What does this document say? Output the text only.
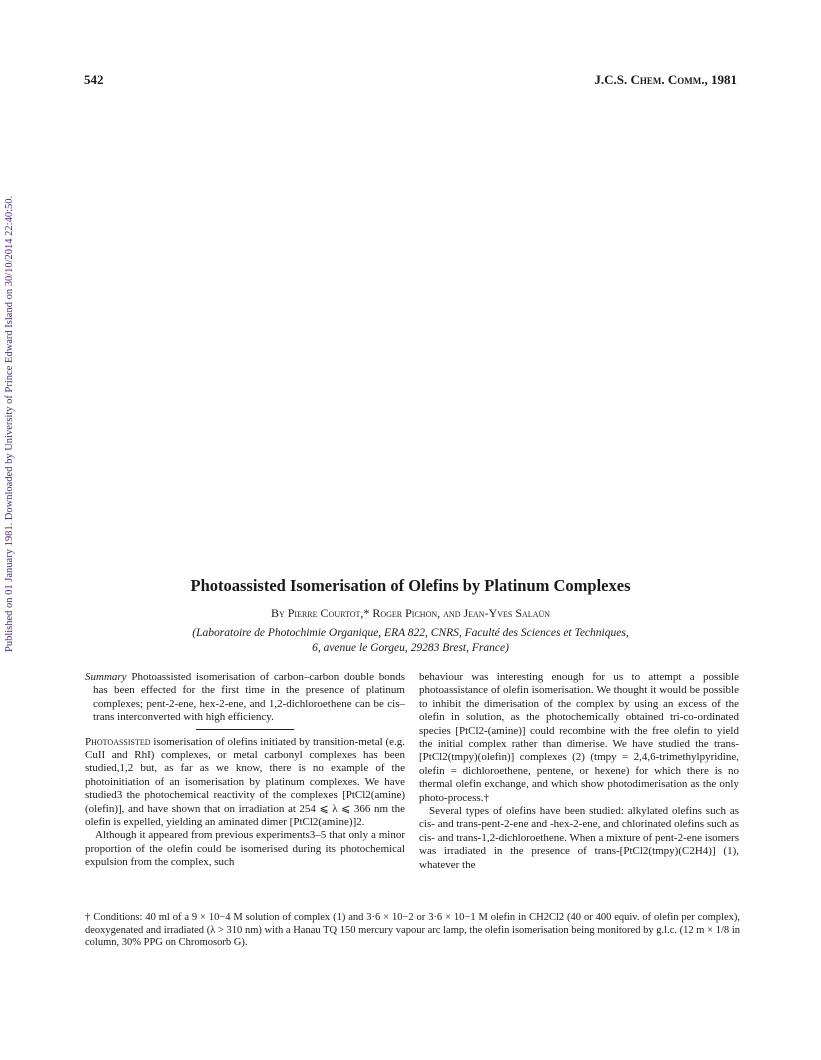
542	J.C.S. Chem. Comm., 1981
Published on 01 January 1981. Downloaded by University of Prince Edward Island on 30/10/2014 22:40:50.	Photoassisted Isomerisation of Olefins by Platinum Complexes
By Pierre Courtot,* Roger Pichon, and Jean-Yves Salaün
(Laboratoire de Photochimie Organique, ERA 822, CNRS, Faculté des Sciences et Techniques,
6, avenue le Gorgeu, 29283 Brest, France)

Summary Photoassisted isomerisation of carbon–carbon double bonds has been effected for the first time in the presence of platinum complexes; pent-2-ene, hex-2-ene, and 1,2-dichloroethene can be cis–trans interconverted with high efficiency.

Photoassisted isomerisation of olefins initiated by transition-metal (e.g. CuII and RhI) complexes, or metal carbonyl complexes has been studied,1,2 but, as far as we know, there is no example of the photoinitiation of an isomerisation by platinum complexes. We have studied3 the photochemical reactivity of the complexes [PtCl2(amine)(olefin)], and have shown that on irradiation at 254 ⩽ λ ⩽ 366 nm the olefin is expelled, yielding an aminated dimer [PtCl2(amine)]2.

Although it appeared from previous experiments3–5 that only a minor proportion of the olefin could be isomerised during its photochemical expulsion from the complex, such

behaviour was interesting enough for us to attempt a possible photoassistance of olefin isomerisation. We thought it would be possible to inhibit the dimerisation of the complex by using an excess of the olefin in solution, as the photochemically obtained tri-co-ordinated species [PtCl2-(amine)] could recombine with the free olefin to yield the initial complex rather than dimerise. We have studied the trans-[PtCl2(tmpy)(olefin)] complexes (2) (tmpy = 2,4,6-trimethylpyridine, olefin = dichloroethene, pentene, or hexene) for which there is no thermal olefin exchange, and which show photodimerisation as the only photo-process.†

Several types of olefins have been studied: alkylated olefins such as cis- and trans-pent-2-ene and -hex-2-ene, and chlorinated olefins such as cis- and trans-1,2-dichloroethene. When a mixture of pent-2-ene isomers was irradiated in the presence of trans-[PtCl2(tmpy)(C2H4)] (1), whatever the

† Conditions: 40 ml of a 9 × 10−4 M solution of complex (1) and 3·6 × 10−2 or 3·6 × 10−1 M olefin in CH2Cl2 (40 or 400 equiv. of olefin per complex), deoxygenated and irradiated (λ > 310 nm) with a Hanau TQ 150 mercury vapour arc lamp, the olefin isomerisation being monitored by g.l.c. (12 m × 1/8 in column, 30% PPG on Chromosorb G).
